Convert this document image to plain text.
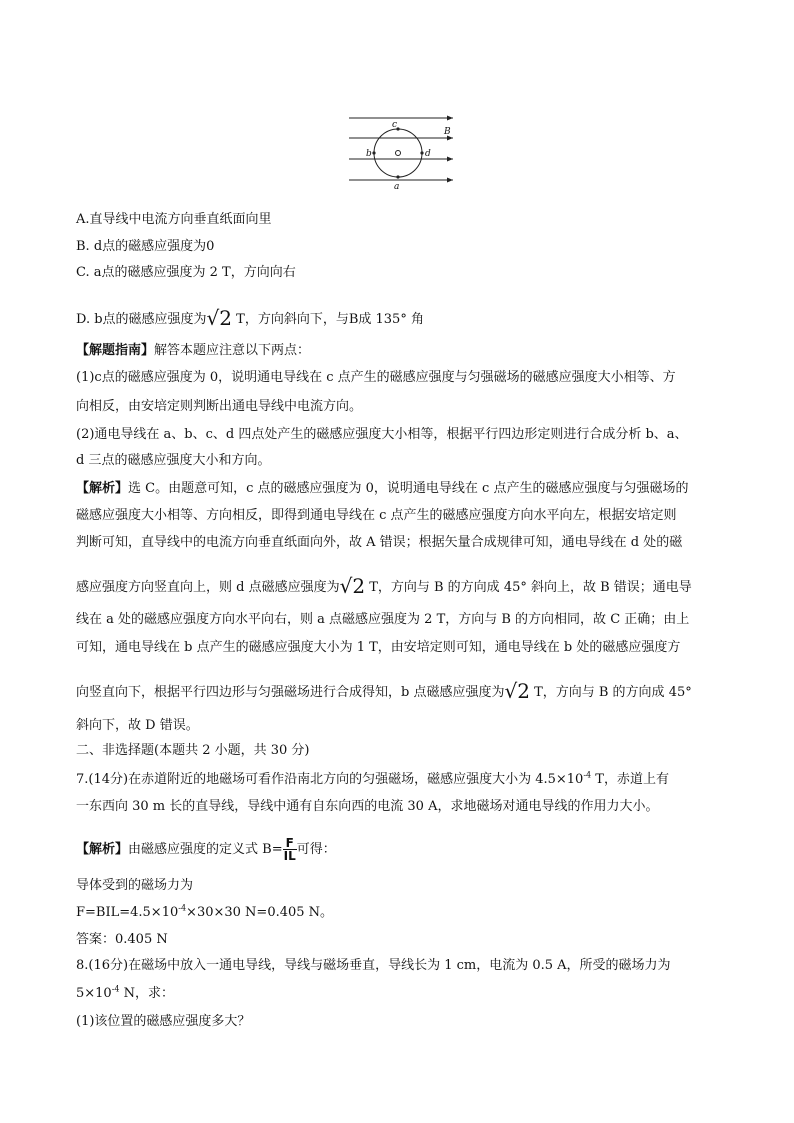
c
B
b	d
a
A.直导线中电流方向垂直纸面向里
B. d点的磁感应强度为0
C. a点的磁感应强度为 2 T，方向向右
D. b点的磁感应强度为√2 T，方向斜向下，与B成 135° 角
【解题指南】解答本题应注意以下两点：
(1)c点的磁感应强度为 0，说明通电导线在 c 点产生的磁感应强度与匀强磁场的磁感应强度大小相等、方
向相反，由安培定则判断出通电导线中电流方向。
(2)通电导线在 a、b、c、d 四点处产生的磁感应强度大小相等，根据平行四边形定则进行合成分析 b、a、
d 三点的磁感应强度大小和方向。
【解析】选 C。由题意可知，c 点的磁感应强度为 0，说明通电导线在 c 点产生的磁感应强度与匀强磁场的
磁感应强度大小相等、方向相反，即得到通电导线在 c 点产生的磁感应强度方向水平向左，根据安培定则
判断可知，直导线中的电流方向垂直纸面向外，故 A 错误；根据矢量合成规律可知，通电导线在 d 处的磁
感应强度方向竖直向上，则 d 点磁感应强度为√2 T，方向与 B 的方向成 45° 斜向上，故 B 错误；通电导
线在 a 处的磁感应强度方向水平向右，则 a 点磁感应强度为 2 T，方向与 B 的方向相同，故 C 正确；由上
可知，通电导线在 b 点产生的磁感应强度大小为 1 T，由安培定则可知，通电导线在 b 处的磁感应强度方
向竖直向下，根据平行四边形与匀强磁场进行合成得知，b 点磁感应强度为√2 T，方向与 B 的方向成 45°
斜向下，故 D 错误。
二、非选择题(本题共 2 小题，共 30 分)
7.(14分)在赤道附近的地磁场可看作沿南北方向的匀强磁场，磁感应强度大小为 $4.5\times 10^{-4}$ T，赤道上有
一东西向 30 m 长的直导线，导线中通有自东向西的电流 30 A，求地磁场对通电导线的作用力大小。
【解析】由磁感应强度的定义式 $B= \frac{F}{IL}$ 可得：
导体受到的磁场力为
$F=BIL=4.5\times 10^{-4}\times 30\times 30$ N=0.405 N。
答案：0.405 N
8.(16分)在磁场中放入一通电导线，导线与磁场垂直，导线长为 1 cm，电流为 0.5 A，所受的磁场力为
$5\times 10^{-4}$ N，求：
(1)该位置的磁感应强度多大？
